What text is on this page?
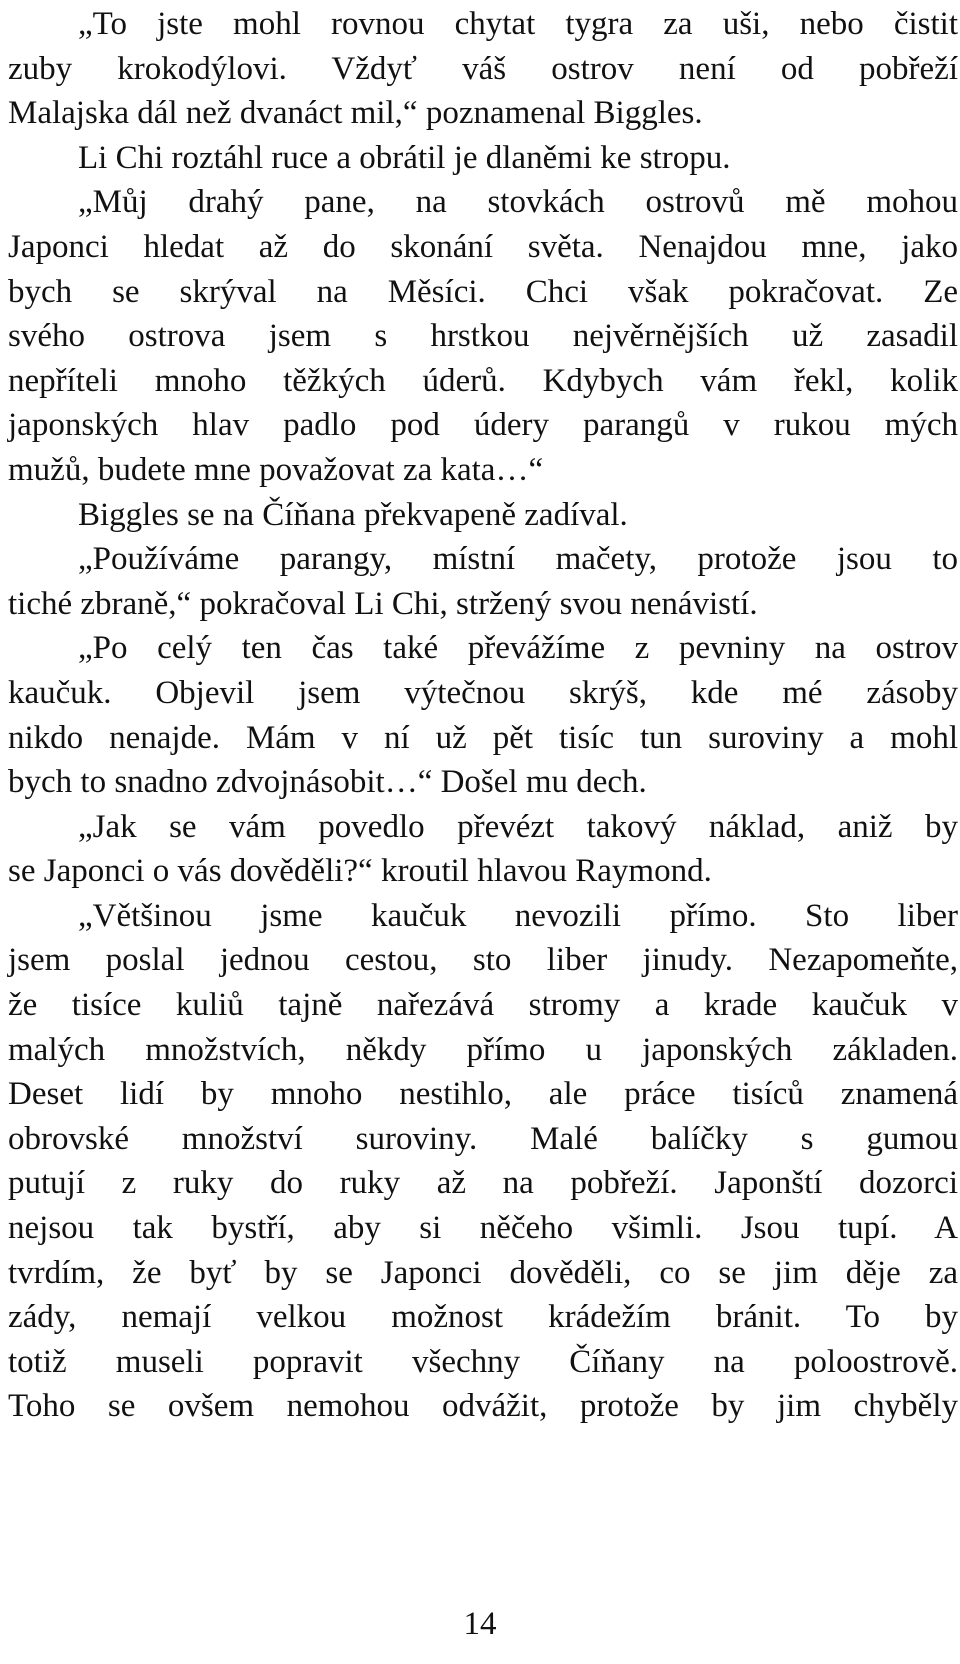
„To jste mohl rovnou chytat tygra za uši, nebo čistit
zuby krokodýlovi. Vždyť váš ostrov není od pobřeží
Malajska dál než dvanáct mil,“ poznamenal Biggles.
Li Chi roztáhl ruce a obrátil je dlaněmi ke stropu.
„Můj drahý pane, na stovkách ostrovů mě mohou
Japonci hledat až do skonání světa. Nenajdou mne, jako
bych se skrýval na Měsíci. Chci však pokračovat. Ze
svého ostrova jsem s hrstkou nejvěrnějších už zasadil
nepříteli mnoho těžkých úderů. Kdybych vám řekl, kolik
japonských hlav padlo pod údery parangů v rukou mých
mužů, budete mne považovat za kata…“
Biggles se na Číňana překvapeně zadíval.
„Používáme parangy, místní mačety, protože jsou to
tiché zbraně,“ pokračoval Li Chi, stržený svou nenávistí.
„Po celý ten čas také převážíme z pevniny na ostrov
kaučuk. Objevil jsem výtečnou skrýš, kde mé zásoby
nikdo nenajde. Mám v ní už pět tisíc tun suroviny a mohl
bych to snadno zdvojnásobit…“ Došel mu dech.
„Jak se vám povedlo převézt takový náklad, aniž by
se Japonci o vás dověděli?“ kroutil hlavou Raymond.
„Většinou jsme kaučuk nevozili přímo. Sto liber
jsem poslal jednou cestou, sto liber jinudy. Nezapomeňte,
že tisíce kuliů tajně nařezává stromy a krade kaučuk v
malých množstvích, někdy přímo u japonských základen.
Deset lidí by mnoho nestihlo, ale práce tisíců znamená
obrovské množství suroviny. Malé balíčky s gumou
putují z ruky do ruky až na pobřeží. Japonští dozorci
nejsou tak bystří, aby si něčeho všimli. Jsou tupí. A
tvrdím, že byť by se Japonci dověděli, co se jim děje za
zády, nemají velkou možnost krádežím bránit. To by
totiž museli popravit všechny Číňany na poloostrově.
Toho se ovšem nemohou odvážit, protože by jim chyběly
14
